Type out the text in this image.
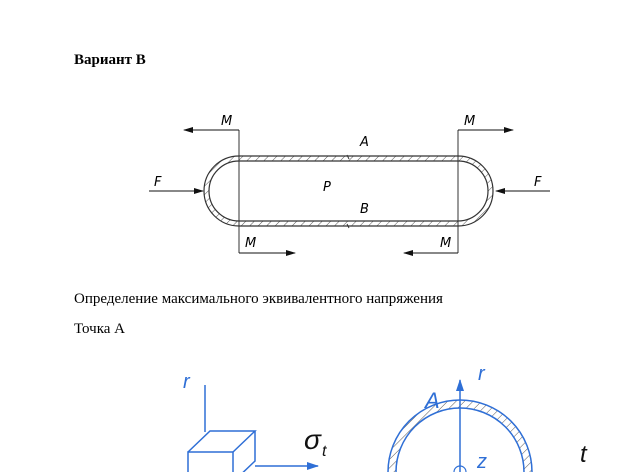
Вариант В
M	M
M	M
F	F
A
B
P
Определение максимального эквивалентного напряжения
Точка А
r
σ t
A
r
z	t
